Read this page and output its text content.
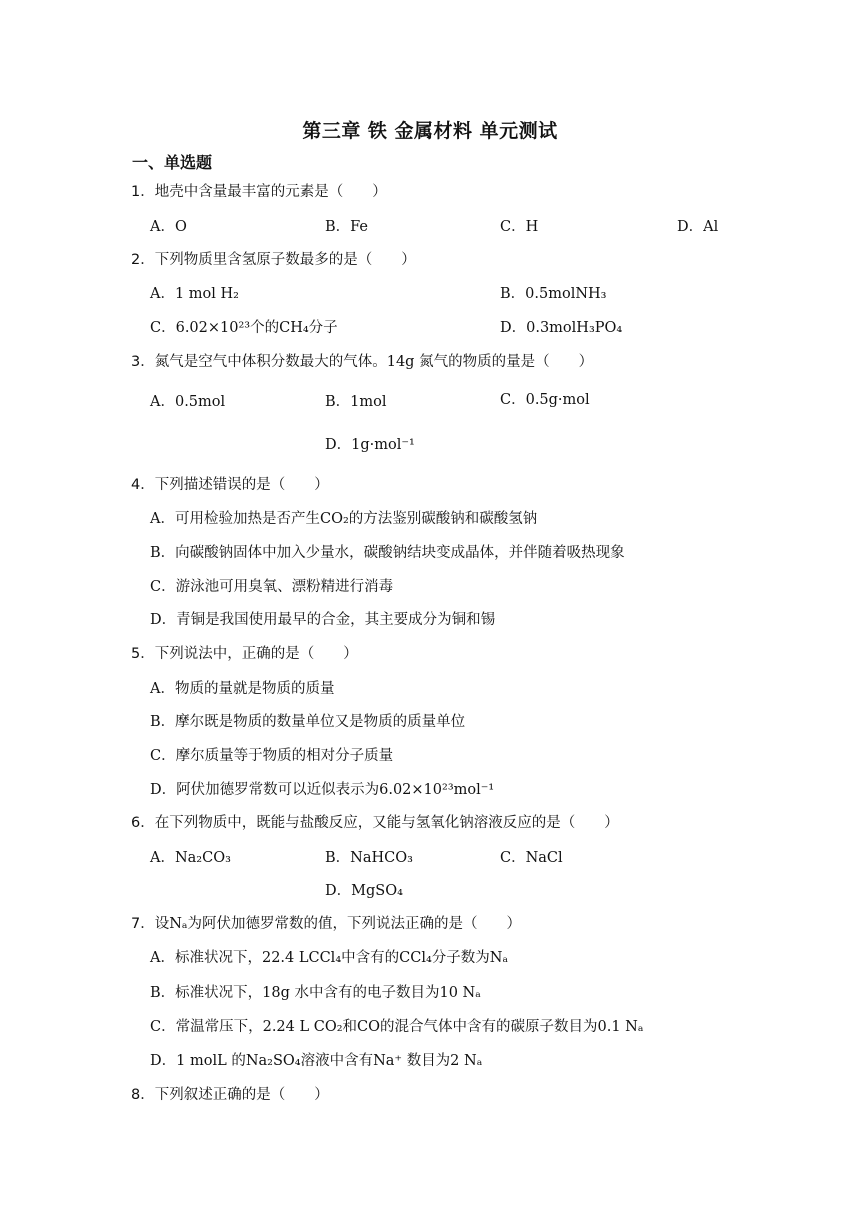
第三章 铁 金属材料 单元测试
一、单选题
1．地壳中含量最丰富的元素是（　　）
A．O	B．Fe	C．H	D．Al
2．下列物质里含氢原子数最多的是（　　）
A．1 mol H₂	B．0.5molNH₃
C．6.02×10²³个的CH₄分子	D．0.3molH₃PO₄
3．氮气是空气中体积分数最大的气体。14g 氮气的物质的量是（　　）
A．0.5mol	B．1mol	C．0.5g·mol
D．1g·mol⁻¹
4．下列描述错误的是（　　）
A．可用检验加热是否产生CO₂的方法鉴别碳酸钠和碳酸氢钠
B．向碳酸钠固体中加入少量水，碳酸钠结块变成晶体，并伴随着吸热现象
C．游泳池可用臭氧、漂粉精进行消毒
D．青铜是我国使用最早的合金，其主要成分为铜和锡
5．下列说法中，正确的是（　　）
A．物质的量就是物质的质量
B．摩尔既是物质的数量单位又是物质的质量单位
C．摩尔质量等于物质的相对分子质量
D．阿伏加德罗常数可以近似表示为6.02×10²³mol⁻¹
6．在下列物质中，既能与盐酸反应，又能与氢氧化钠溶液反应的是（　　）
A．Na₂CO₃	B．NaHCO₃	C．NaCl
D．MgSO₄
7．设Nₐ为阿伏加德罗常数的值，下列说法正确的是（　　）
A．标准状况下，22.4 LCCl₄中含有的CCl₄分子数为Nₐ
B．标准状况下，18g 水中含有的电子数目为10 Nₐ
C．常温常压下，2.24 L CO₂和CO的混合气体中含有的碳原子数目为0.1 Nₐ
D．1 molL 的Na₂SO₄溶液中含有Na⁺ 数目为2 Nₐ
8．下列叙述正确的是（　　）
